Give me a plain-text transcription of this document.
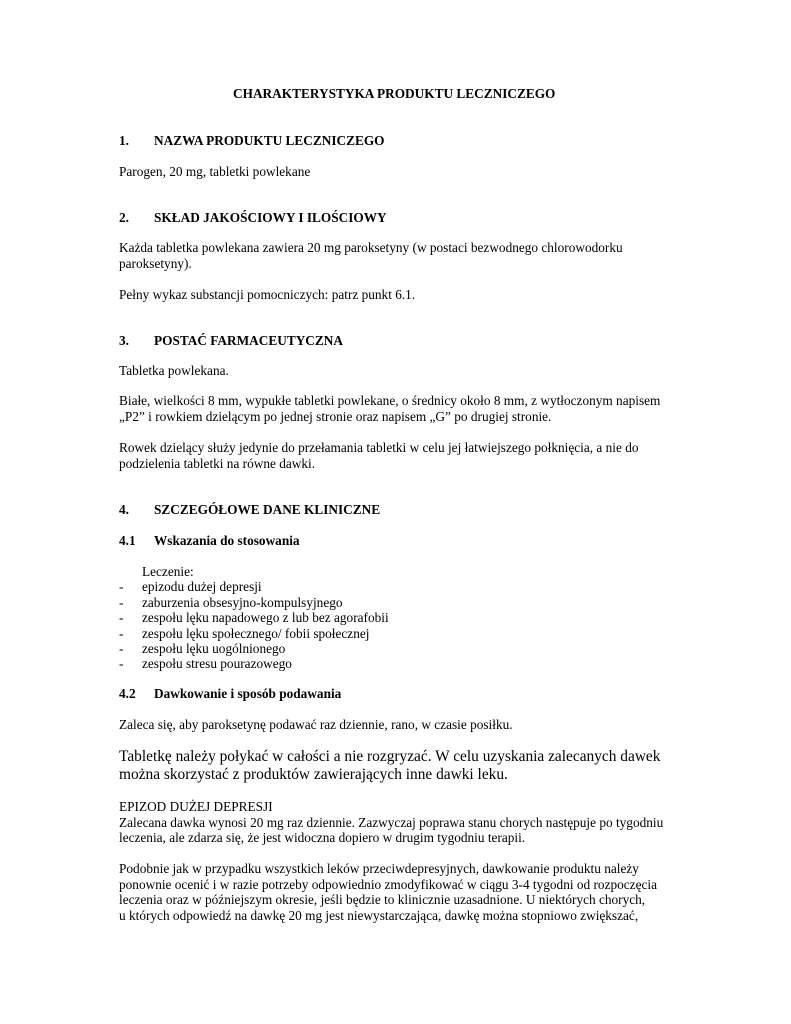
CHARAKTERYSTYKA PRODUKTU LECZNICZEGO
1. NAZWA PRODUKTU LECZNICZEGO
Parogen, 20 mg, tabletki powlekane
2. SKŁAD JAKOŚCIOWY I ILOŚCIOWY
Każda tabletka powlekana zawiera 20 mg paroksetyny (w postaci bezwodnego chlorowodorku
paroksetyny).
Pełny wykaz substancji pomocniczych: patrz punkt 6.1.
3. POSTAĆ FARMACEUTYCZNA
Tabletka powlekana.
Białe, wielkości 8 mm, wypukłe tabletki powlekane, o średnicy około 8 mm, z wytłoczonym napisem
„P2” i rowkiem dzielącym po jednej stronie oraz napisem „G” po drugiej stronie.
Rowek dzielący służy jedynie do przełamania tabletki w celu jej łatwiejszego połknięcia, a nie do
podzielenia tabletki na równe dawki.
4. SZCZEGÓŁOWE DANE KLINICZNE
4.1 Wskazania do stosowania
Leczenie:
- epizodu dużej depresji
- zaburzenia obsesyjno-kompulsyjnego
- zespołu lęku napadowego z lub bez agorafobii
- zespołu lęku społecznego/ fobii społecznej
- zespołu lęku uogólnionego
- zespołu stresu pourazowego
4.2 Dawkowanie i sposób podawania
Zaleca się, aby paroksetynę podawać raz dziennie, rano, w czasie posiłku.
Tabletkę należy połykać w całości a nie rozgryzać. W celu uzyskania zalecanych dawek
można skorzystać z produktów zawierających inne dawki leku.
EPIZOD DUŻEJ DEPRESJI
Zalecana dawka wynosi 20 mg raz dziennie. Zazwyczaj poprawa stanu chorych następuje po tygodniu
leczenia, ale zdarza się, że jest widoczna dopiero w drugim tygodniu terapii.
Podobnie jak w przypadku wszystkich leków przeciwdepresyjnych, dawkowanie produktu należy
ponownie ocenić i w razie potrzeby odpowiednio zmodyfikować w ciągu 3-4 tygodni od rozpoczęcia
leczenia oraz w późniejszym okresie, jeśli będzie to klinicznie uzasadnione. U niektórych chorych,
u których odpowiedź na dawkę 20 mg jest niewystarczająca, dawkę można stopniowo zwiększać,
